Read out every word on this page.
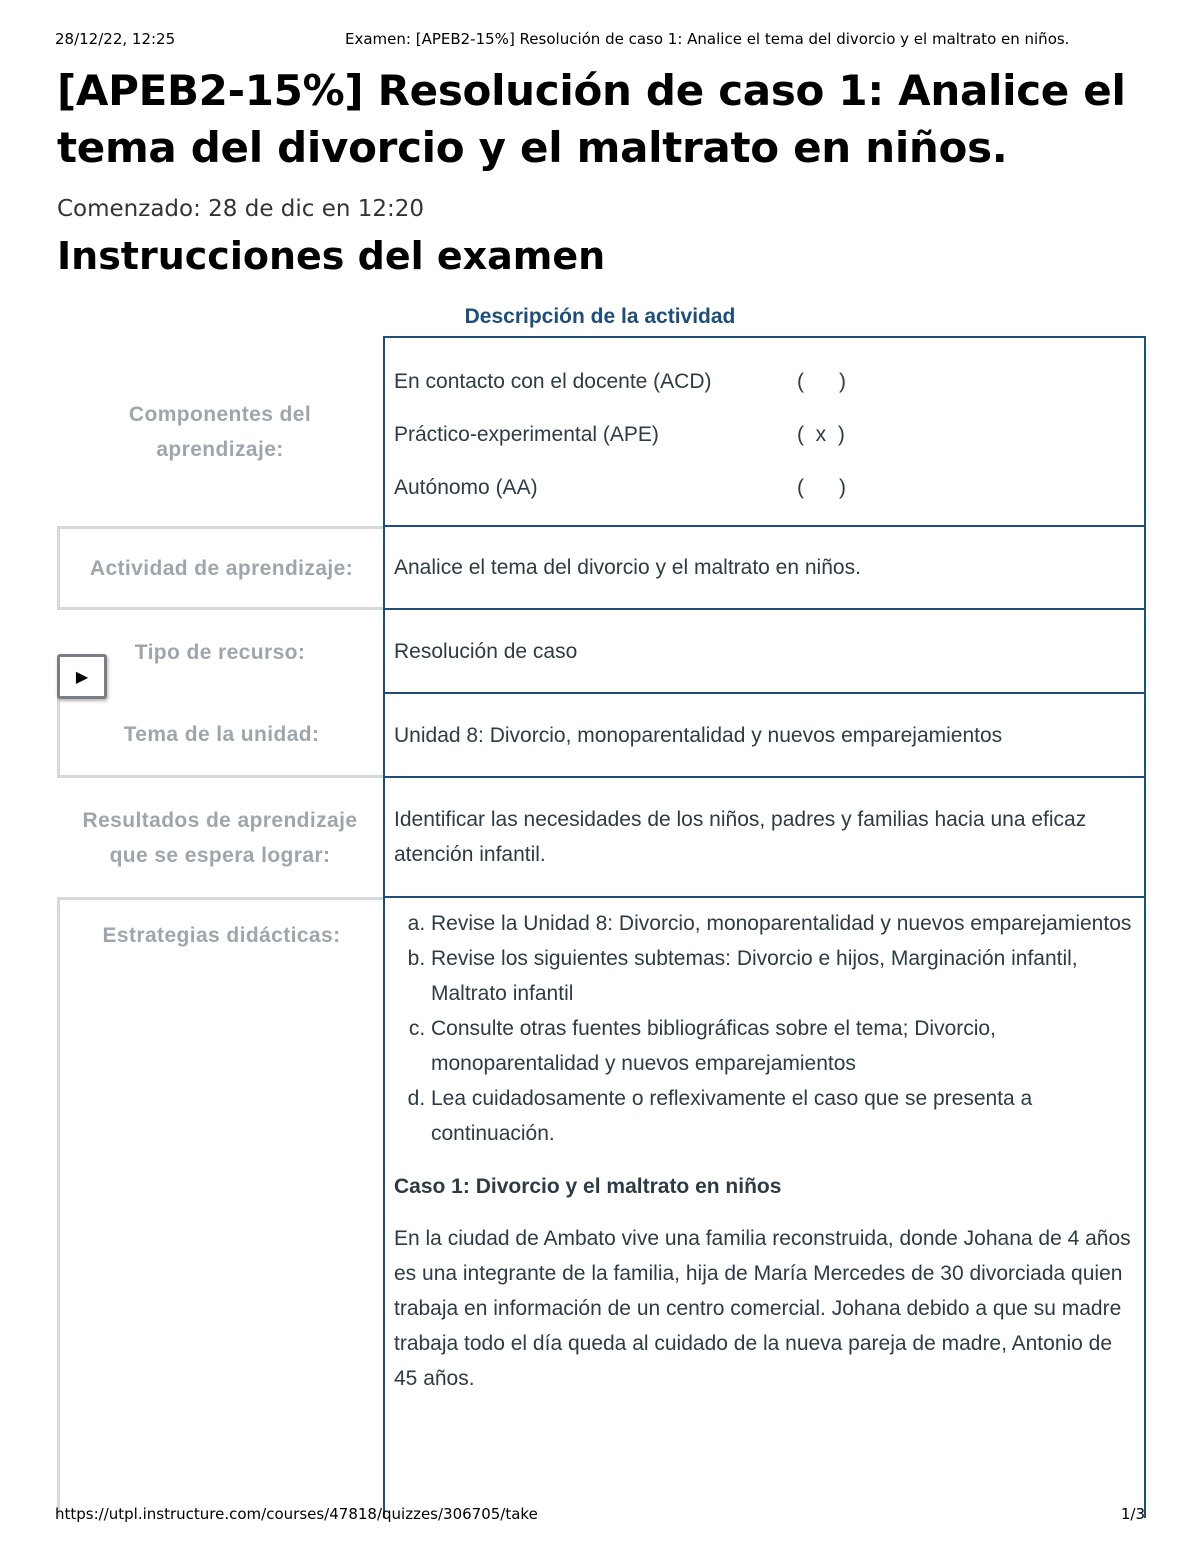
28/12/22, 12:25	Examen: [APEB2-15%] Resolución de caso 1: Analice el tema del divorcio y el maltrato en niños.
[APEB2-15%] Resolución de caso 1: Analice el tema del divorcio y el maltrato en niños.
Comenzado: 28 de dic en 12:20
Instrucciones del examen
Descripción de la actividad
Componentes del aprendizaje:
En contacto con el docente (ACD)	(      )
Práctico-experimental (APE)	(  x  )
Autónomo (AA)	(      )
Actividad de aprendizaje:	Analice el tema del divorcio y el maltrato en niños.
Tipo de recurso:	Resolución de caso
Tema de la unidad:	Unidad 8: Divorcio, monoparentalidad y nuevos emparejamientos
Resultados de aprendizaje que se espera lograr:
Identificar las necesidades de los niños, padres y familias hacia una eficaz atención infantil.
Estrategias didácticas:
a. Revise la Unidad 8: Divorcio, monoparentalidad y nuevos emparejamientos
b. Revise los siguientes subtemas: Divorcio e hijos, Marginación infantil, Maltrato infantil
c. Consulte otras fuentes bibliográficas sobre el tema; Divorcio, monoparentalidad y nuevos emparejamientos
d. Lea cuidadosamente o reflexivamente el caso que se presenta a continuación.
Caso 1: Divorcio y el maltrato en niños
En la ciudad de Ambato vive una familia reconstruida, donde Johana de 4 años es una integrante de la familia, hija de María Mercedes de 30 divorciada quien trabaja en información de un centro comercial. Johana debido a que su madre trabaja todo el día queda al cuidado de la nueva pareja de madre, Antonio de 45 años.
▶
https://utpl.instructure.com/courses/47818/quizzes/306705/take	1/3
